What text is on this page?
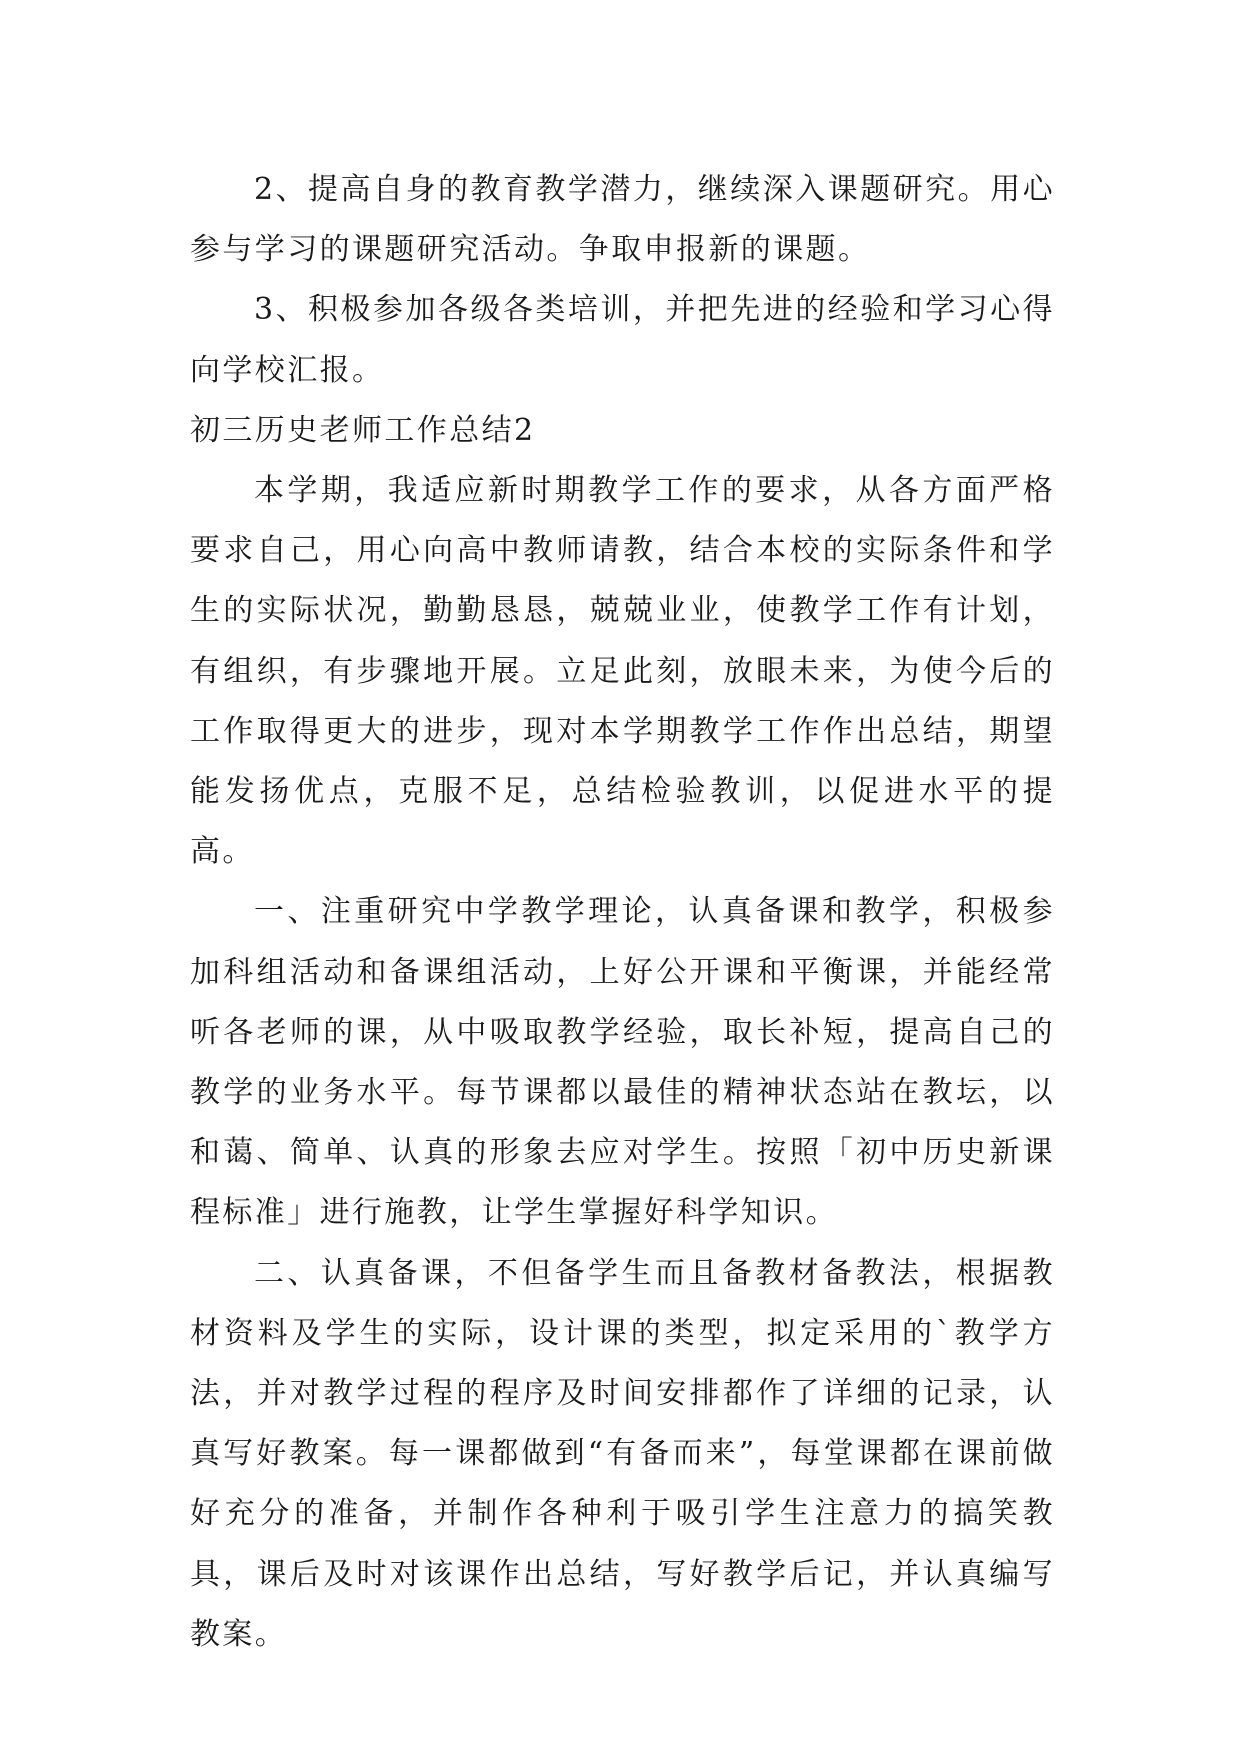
2、提高自身的教育教学潜力，继续深入课题研究。用心参与学习的课题研究活动。争取申报新的课题。

3、积极参加各级各类培训，并把先进的经验和学习心得向学校汇报。

初三历史老师工作总结2

本学期，我适应新时期教学工作的要求，从各方面严格要求自己，用心向高中教师请教，结合本校的实际条件和学生的实际状况，勤勤恳恳，兢兢业业，使教学工作有计划，有组织，有步骤地开展。立足此刻，放眼未来，为使今后的工作取得更大的进步，现对本学期教学工作作出总结，期望能发扬优点，克服不足，总结检验教训，以促进水平的提高。

一、注重研究中学教学理论，认真备课和教学，积极参加科组活动和备课组活动，上好公开课和平衡课，并能经常听各老师的课，从中吸取教学经验，取长补短，提高自己的教学的业务水平。每节课都以最佳的精神状态站在教坛，以和蔼、简单、认真的形象去应对学生。按照「初中历史新课程标准」进行施教，让学生掌握好科学知识。

二、认真备课，不但备学生而且备教材备教法，根据教材资料及学生的实际，设计课的类型，拟定采用的`教学方法，并对教学过程的程序及时间安排都作了详细的记录，认真写好教案。每一课都做到“有备而来”，每堂课都在课前做好充分的准备，并制作各种利于吸引学生注意力的搞笑教具，课后及时对该课作出总结，写好教学后记，并认真编写教案。
